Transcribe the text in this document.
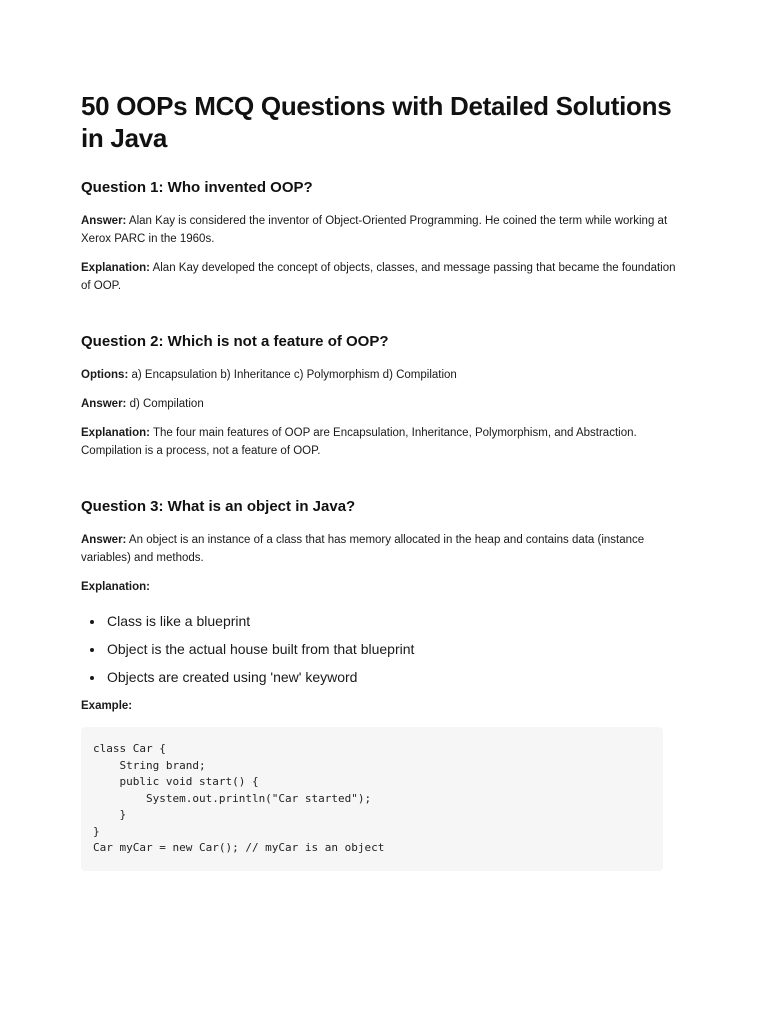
50 OOPs MCQ Questions with Detailed Solutions in Java
Question 1: Who invented OOP?

Answer: Alan Kay is considered the inventor of Object-Oriented Programming. He coined the term while working at Xerox PARC in the 1960s.

Explanation: Alan Kay developed the concept of objects, classes, and message passing that became the foundation of OOP.

Question 2: Which is not a feature of OOP?

Options: a) Encapsulation b) Inheritance c) Polymorphism d) Compilation

Answer: d) Compilation

Explanation: The four main features of OOP are Encapsulation, Inheritance, Polymorphism, and Abstraction. Compilation is a process, not a feature of OOP.

Question 3: What is an object in Java?

Answer: An object is an instance of a class that has memory allocated in the heap and contains data (instance variables) and methods.

Explanation:

• Class is like a blueprint
• Object is the actual house built from that blueprint
• Objects are created using 'new' keyword

Example:

class Car {
String brand;
public void start() {
System.out.println("Car started");
}
}
Car myCar = new Car(); // myCar is an object
